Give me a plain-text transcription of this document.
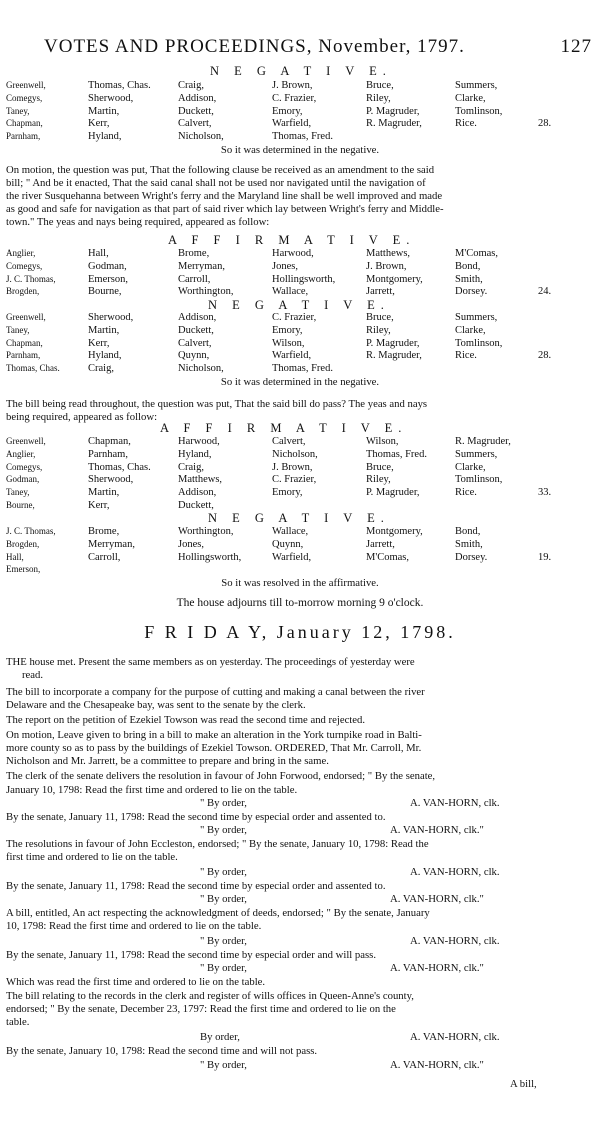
VOTES AND PROCEEDINGS, November, 1797.	127
N E G A T I V E.
Greenwell,	Thomas, Chas.	Craig,	J. Brown,	Bruce,	Summers,
Comegys,	Sherwood,	Addison,	C. Frazier,	Riley,	Clarke,
Taney,	Martin,	Duckett,	Emory,	P. Magruder,	Tomlinson,
Chapman,	Kerr,	Calvert,	Warfield,	R. Magruder,	Rice.	28.
Parnham,	Hyland,	Nicholson,	Thomas, Fred.
So it was determined in the negative.
On motion, the question was put, That the following clause be received as an amendment to the said
bill; " And be it enacted, That the said canal shall not be used nor navigated until the navigation of
the river Susquehanna between Wright's ferry and the Maryland line shall be well improved and made
as good and safe for navigation as that part of said river which lay between Wright's ferry and Middle-
town." The yeas and nays being required, appeared as follow:
A F F I R M A T I V E.
Anglier,	Hall,	Brome,	Harwood,	Matthews,	M'Comas,
Comegys,	Godman,	Merryman,	Jones,	J. Brown,	Bond,
J. C. Thomas,	Emerson,	Carroll,	Hollingsworth,	Montgomery,	Smith,
Brogden,	Bourne,	Worthington,	Wallace,	Jarrett,	Dorsey.	24.
N E G A T I V E.
Greenwell,	Sherwood,	Addison,	C. Frazier,	Bruce,	Summers,
Taney,	Martin,	Duckett,	Emory,	Riley,	Clarke,
Chapman,	Kerr,	Calvert,	Wilson,	P. Magruder,	Tomlinson,
Parnham,	Hyland,	Quynn,	Warfield,	R. Magruder,	Rice.	28.
Thomas, Chas.	Craig,	Nicholson,	Thomas, Fred.
So it was determined in the negative.
The bill being read throughout, the question was put, That the said bill do pass? The yeas and nays
being required, appeared as follow:
A F F I R M A T I V E.
Greenwell,	Chapman,	Harwood,	Calvert,	Wilson,	R. Magruder,
Anglier,	Parnham,	Hyland,	Nicholson,	Thomas, Fred.	Summers,
Comegys,	Thomas, Chas.	Craig,	J. Brown,	Bruce,	Clarke,
Godman,	Sherwood,	Matthews,	C. Frazier,	Riley,	Tomlinson,
Taney,	Martin,	Addison,	Emory,	P. Magruder,	Rice.	33.
Bourne,	Kerr,	Duckett,
N E G A T I V E.
J. C. Thomas,	Brome,	Worthington,	Wallace,	Montgomery,	Bond,
Brogden,	Merryman,	Jones,	Quynn,	Jarrett,	Smith,
Hall,	Carroll,	Hollingsworth,	Warfield,	M'Comas,	Dorsey.	19.
Emerson,
So it was resolved in the affirmative.
The house adjourns till to-morrow morning 9 o'clock.
F R I D A Y, January 12, 1798.
THE house met. Present the same members as on yesterday. The proceedings of yesterday were
read.
The bill to incorporate a company for the purpose of cutting and making a canal between the river
Delaware and the Chesapeake bay, was sent to the senate by the clerk.
The report on the petition of Ezekiel Towson was read the second time and rejected.
On motion, Leave given to bring in a bill to make an alteration in the York turnpike road in Balti-
more county so as to pass by the buildings of Ezekiel Towson. ORDERED, That Mr. Carroll, Mr.
Nicholson and Mr. Jarrett, be a committee to prepare and bring in the same.
The clerk of the senate delivers the resolution in favour of John Forwood, endorsed; " By the senate,
January 10, 1798: Read the first time and ordered to lie on the table.
" By order,	A. VAN-HORN, clk.
By the senate, January 11, 1798: Read the second time by especial order and assented to.
" By order,	A. VAN-HORN, clk."
The resolutions in favour of John Eccleston, endorsed; " By the senate, January 10, 1798: Read the
first time and ordered to lie on the table.
" By order,	A. VAN-HORN, clk.
By the senate, January 11, 1798: Read the second time by especial order and assented to.
" By order,	A. VAN-HORN, clk."
A bill, entitled, An act respecting the acknowledgment of deeds, endorsed; " By the senate, January
10, 1798: Read the first time and ordered to lie on the table.
" By order,	A. VAN-HORN, clk.
By the senate, January 11, 1798: Read the second time by especial order and will pass.
" By order,	A. VAN-HORN, clk."
Which was read the first time and ordered to lie on the table.
The bill relating to the records in the clerk and register of wills offices in Queen-Anne's county,
endorsed; " By the senate, December 23, 1797: Read the first time and ordered to lie on the
table.
By order,	A. VAN-HORN, clk.
By the senate, January 10, 1798: Read the second time and will not pass.
" By order,	A. VAN-HORN, clk."
A bill,
